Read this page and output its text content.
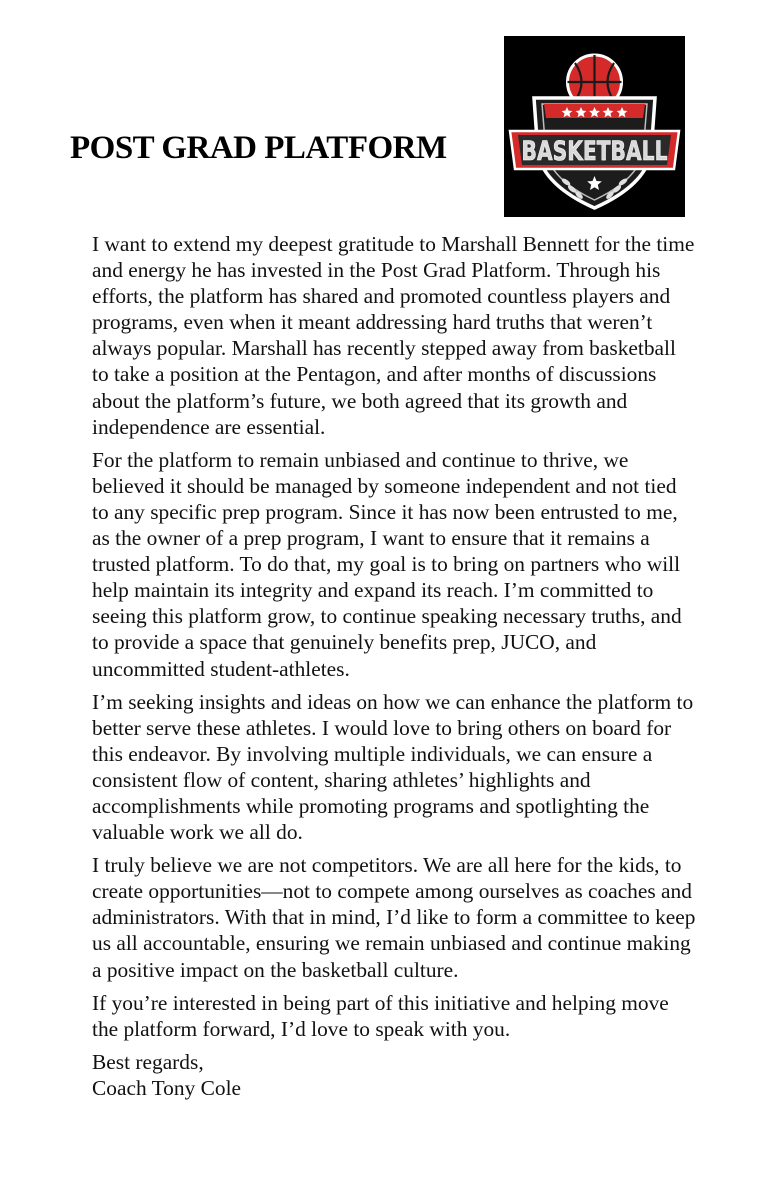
POST GRAD PLATFORM	BASKETBALL

I want to extend my deepest gratitude to Marshall Bennett for the time and energy he has invested in the Post Grad Platform. Through his efforts, the platform has shared and promoted countless players and programs, even when it meant addressing hard truths that weren’t always popular. Marshall has recently stepped away from basketball to take a position at the Pentagon, and after months of discussions about the platform’s future, we both agreed that its growth and independence are essential.

For the platform to remain unbiased and continue to thrive, we believed it should be managed by someone independent and not tied to any specific prep program. Since it has now been entrusted to me, as the owner of a prep program, I want to ensure that it remains a trusted platform. To do that, my goal is to bring on partners who will help maintain its integrity and expand its reach. I’m committed to seeing this platform grow, to continue speaking necessary truths, and to provide a space that genuinely benefits prep, JUCO, and uncommitted student-athletes.

I’m seeking insights and ideas on how we can enhance the platform to better serve these athletes. I would love to bring others on board for this endeavor. By involving multiple individuals, we can ensure a consistent flow of content, sharing athletes’ highlights and accomplishments while promoting programs and spotlighting the valuable work we all do.

I truly believe we are not competitors. We are all here for the kids, to create opportunities—not to compete among ourselves as coaches and administrators. With that in mind, I’d like to form a committee to keep us all accountable, ensuring we remain unbiased and continue making a positive impact on the basketball culture.

If you’re interested in being part of this initiative and helping move the platform forward, I’d love to speak with you.

Best regards,
Coach Tony Cole
